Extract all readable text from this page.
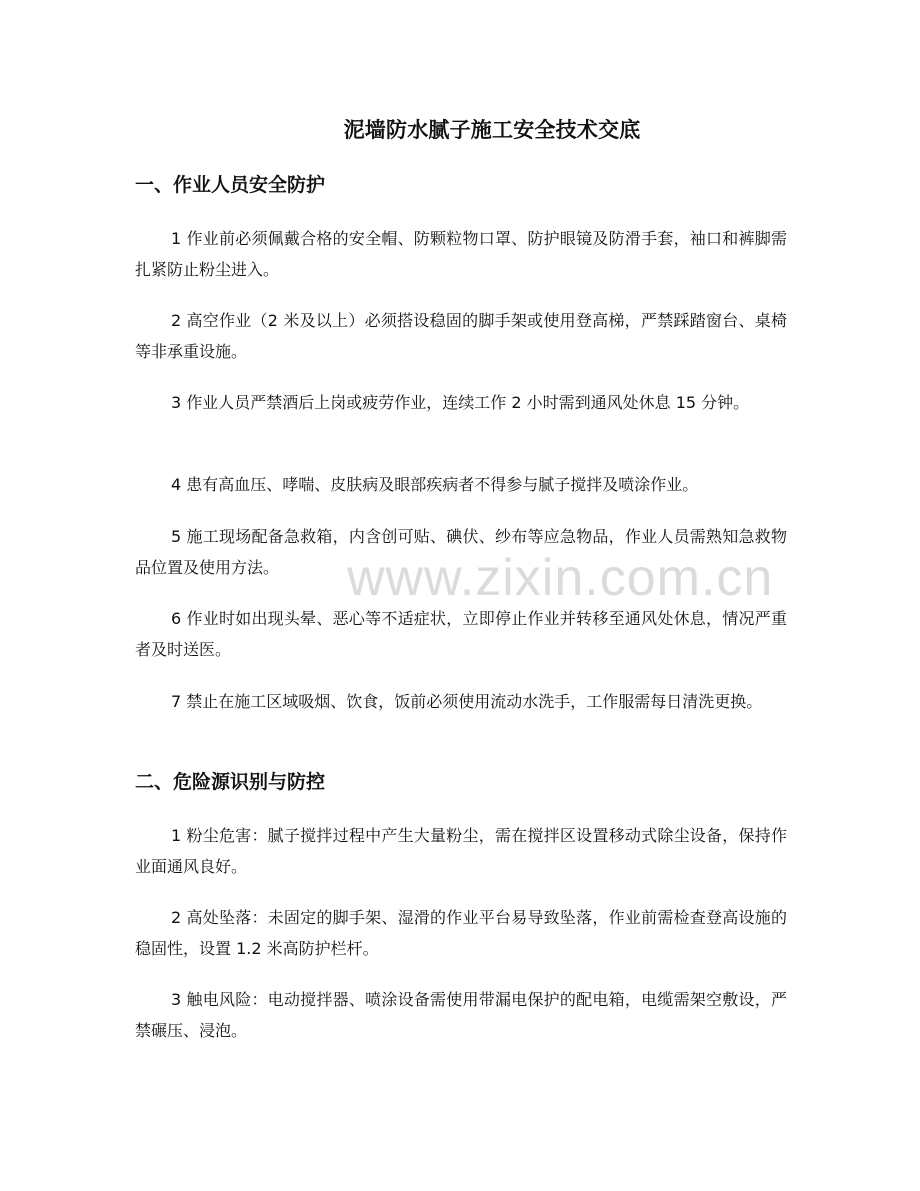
泥墙防水腻子施工安全技术交底
一、作业人员安全防护
1 作业前必须佩戴合格的安全帽、防颗粒物口罩、防护眼镜及防滑手套，袖口和裤脚需扎紧防止粉尘进入。
2 高空作业（2 米及以上）必须搭设稳固的脚手架或使用登高梯，严禁踩踏窗台、桌椅等非承重设施。
3 作业人员严禁酒后上岗或疲劳作业，连续工作 2 小时需到通风处休息 15 分钟。
4 患有高血压、哮喘、皮肤病及眼部疾病者不得参与腻子搅拌及喷涂作业。
5 施工现场配备急救箱，内含创可贴、碘伏、纱布等应急物品，作业人员需熟知急救物品位置及使用方法。
6 作业时如出现头晕、恶心等不适症状，立即停止作业并转移至通风处休息，情况严重者及时送医。
7 禁止在施工区域吸烟、饮食，饭前必须使用流动水洗手，工作服需每日清洗更换。
二、危险源识别与防控
1 粉尘危害：腻子搅拌过程中产生大量粉尘，需在搅拌区设置移动式除尘设备，保持作业面通风良好。
2 高处坠落：未固定的脚手架、湿滑的作业平台易导致坠落，作业前需检查登高设施的稳固性，设置 1.2 米高防护栏杆。
3 触电风险：电动搅拌器、喷涂设备需使用带漏电保护的配电箱，电缆需架空敷设，严禁碾压、浸泡。
www.zixin.com.cn
